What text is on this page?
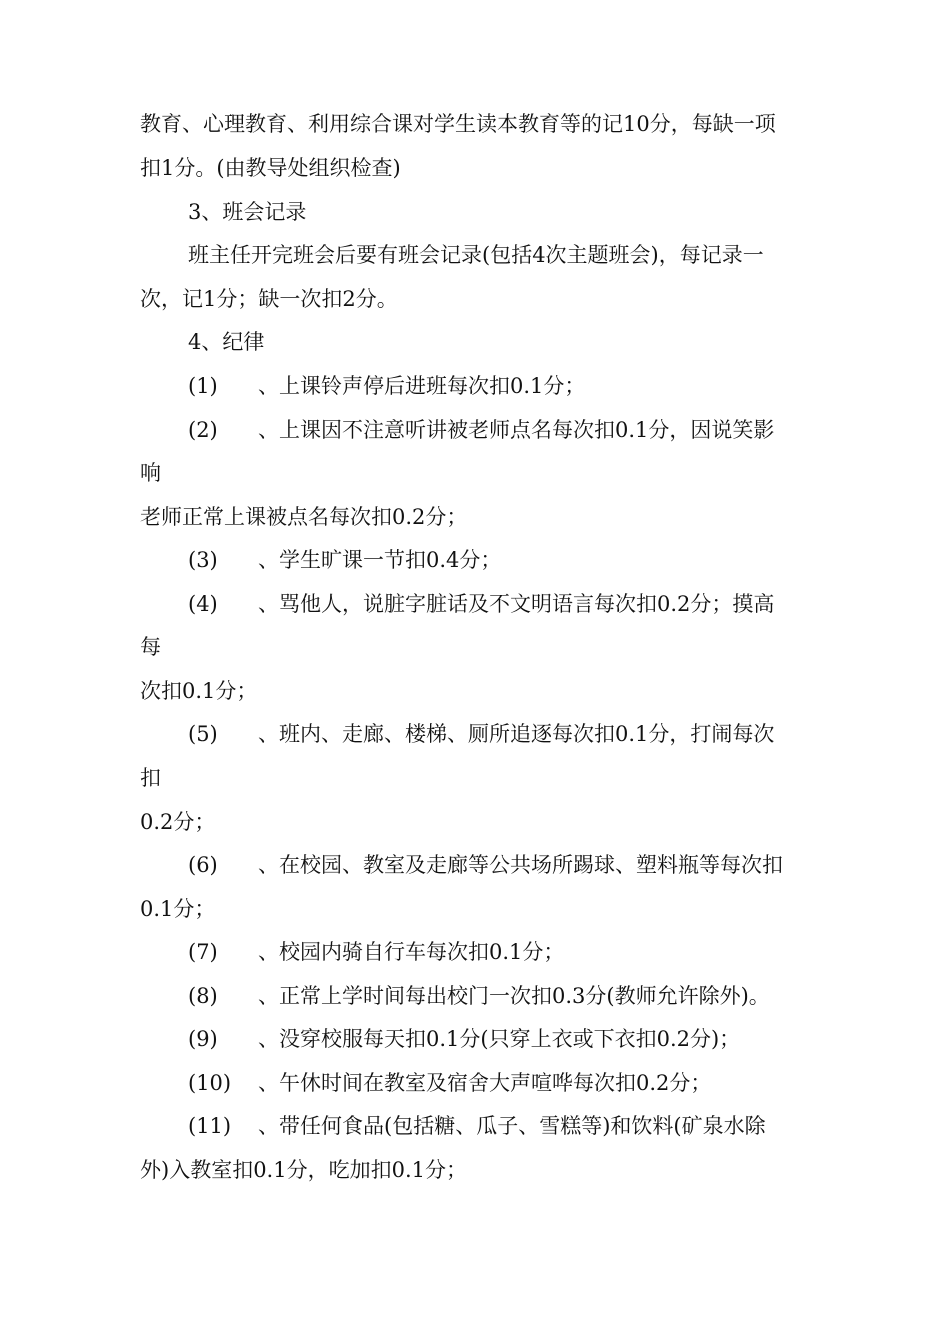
教育、心理教育、利用综合课对学生读本教育等的记10分，每缺一项
扣1分。(由教导处组织检查)
3、班会记录
班主任开完班会后要有班会记录(包括4次主题班会)，每记录一
次，记1分；缺一次扣2分。
4、纪律
(1) 、上课铃声停后进班每次扣0.1分；
(2) 、上课因不注意听讲被老师点名每次扣0.1分，因说笑影
响
老师正常上课被点名每次扣0.2分；
(3) 、学生旷课一节扣0.4分；
(4) 、骂他人，说脏字脏话及不文明语言每次扣0.2分；摸高
每
次扣0.1分；
(5) 、班内、走廊、楼梯、厕所追逐每次扣0.1分，打闹每次
扣
0.2分；
(6) 、在校园、教室及走廊等公共场所踢球、塑料瓶等每次扣
0.1分；
(7) 、校园内骑自行车每次扣0.1分；
(8) 、正常上学时间每出校门一次扣0.3分(教师允许除外)。
(9) 、没穿校服每天扣0.1分(只穿上衣或下衣扣0.2分)；
(10) 、午休时间在教室及宿舍大声喧哗每次扣0.2分；
(11) 、带任何食品(包括糖、瓜子、雪糕等)和饮料(矿泉水除
外)入教室扣0.1分，吃加扣0.1分；
